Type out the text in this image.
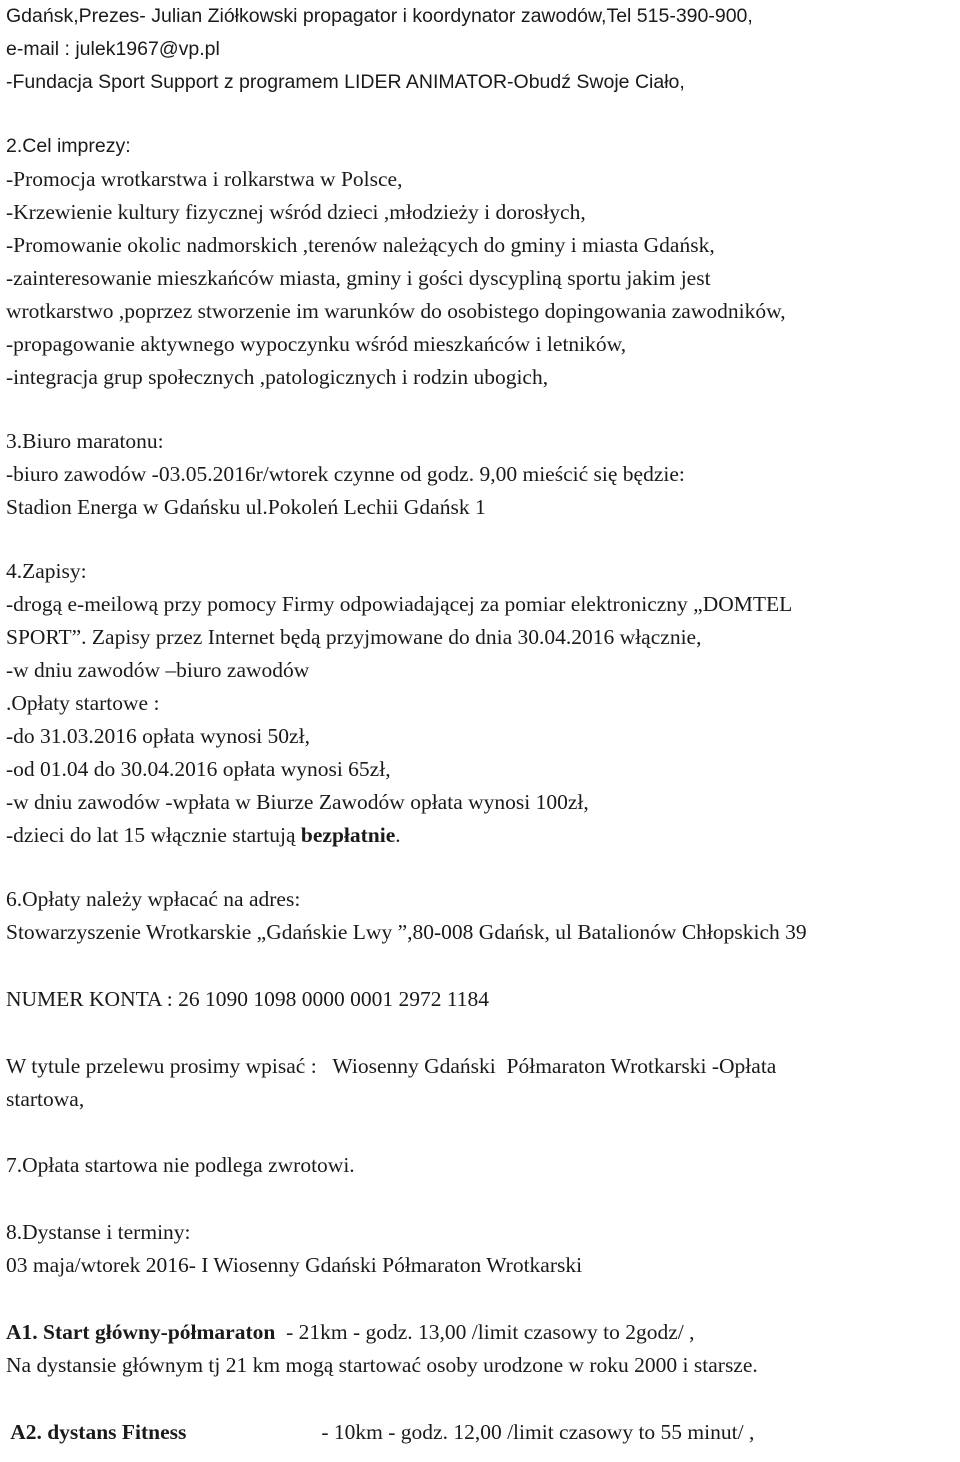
Gdańsk,Prezes- Julian Ziółkowski propagator i koordynator zawodów,Tel 515-390-900,
e-mail : julek1967@vp.pl
-Fundacja Sport Support z programem LIDER ANIMATOR-Obudź Swoje Ciało,
2.Cel imprezy:
-Promocja wrotkarstwa i rolkarstwa w Polsce,
-Krzewienie kultury fizycznej wśród dzieci ,młodzieży i dorosłych,
-Promowanie okolic nadmorskich ,terenów należących do gminy i miasta Gdańsk,
-zainteresowanie mieszkańców miasta, gminy i gości dyscypliną sportu jakim jest
wrotkarstwo ,poprzez stworzenie im warunków do osobistego dopingowania zawodników,
-propagowanie aktywnego wypoczynku wśród mieszkańców i letników,
-integracja grup społecznych ,patologicznych i rodzin ubogich,
3.Biuro maratonu:
-biuro zawodów -03.05.2016r/wtorek czynne od godz. 9,00 mieścić się będzie:
Stadion Energa w Gdańsku ul.Pokoleń Lechii Gdańsk 1
4.Zapisy:
-drogą e-meilową przy pomocy Firmy odpowiadającej za pomiar elektroniczny „DOMTEL
SPORT”. Zapisy przez Internet będą przyjmowane do dnia 30.04.2016 włącznie,
-w dniu zawodów –biuro zawodów
.Opłaty startowe :
-do 31.03.2016 opłata wynosi 50zł,
-od 01.04 do 30.04.2016 opłata wynosi 65zł,
-w dniu zawodów -wpłata w Biurze Zawodów opłata wynosi 100zł,
-dzieci do lat 15 włącznie startują bezpłatnie.
6.Opłaty należy wpłacać na adres:
Stowarzyszenie Wrotkarskie „Gdańskie Lwy ”,80-008 Gdańsk, ul Batalionów Chłopskich 39
NUMER KONTA : 26 1090 1098 0000 0001 2972 1184
W tytule przelewu prosimy wpisać :   Wiosenny Gdański  Półmaraton Wrotkarski -Opłata
startowa,
7.Opłata startowa nie podlega zwrotowi.
8.Dystanse i terminy:
03 maja/wtorek 2016- I Wiosenny Gdański Półmaraton Wrotkarski
A1. Start główny-półmaraton  - 21km - godz. 13,00 /limit czasowy to 2godz/ ,
Na dystansie głównym tj 21 km mogą startować osoby urodzone w roku 2000 i starsze.
A2. dystans Fitness	- 10km - godz. 12,00 /limit czasowy to 55 minut/ ,
